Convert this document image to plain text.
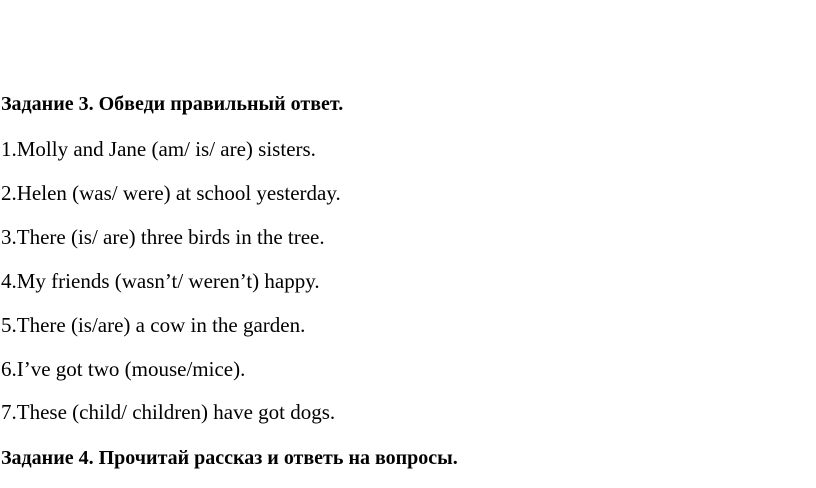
Задание 3. Обведи правильный ответ.
1.Molly and Jane (am/ is/ are) sisters.
2.Helen (was/ were) at school yesterday.
3.There (is/ are) three birds in the tree.
4.My friends (wasn’t/ weren’t) happy.
5.There (is/are) a cow in the garden.
6.I’ve got two (mouse/mice).
7.These (child/ children) have got dogs.
Задание 4. Прочитай рассказ и ответь на вопросы.
